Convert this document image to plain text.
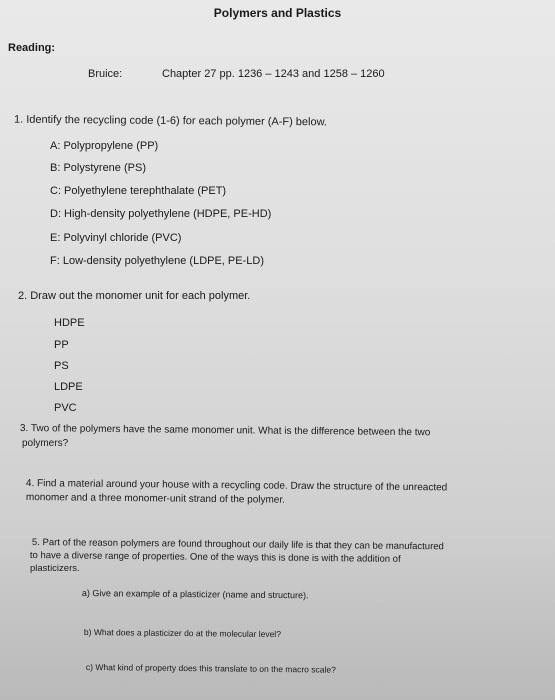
Polymers and Plastics
Reading:
Bruice:	Chapter 27 pp. 1236 – 1243 and 1258 – 1260
1. Identify the recycling code (1-6) for each polymer (A-F) below.
A: Polypropylene (PP)
B: Polystyrene (PS)
C: Polyethylene terephthalate (PET)
D: High-density polyethylene (HDPE, PE-HD)
E: Polyvinyl chloride (PVC)
F: Low-density polyethylene (LDPE, PE-LD)
2. Draw out the monomer unit for each polymer.
HDPE
PP
PS
LDPE
PVC
3. Two of the polymers have the same monomer unit. What is the difference between the two
polymers?
4. Find a material around your house with a recycling code. Draw the structure of the unreacted
monomer and a three monomer-unit strand of the polymer.
5. Part of the reason polymers are found throughout our daily life is that they can be manufactured
to have a diverse range of properties. One of the ways this is done is with the addition of
plasticizers.
a) Give an example of a plasticizer (name and structure).
b) What does a plasticizer do at the molecular level?
c) What kind of property does this translate to on the macro scale?
